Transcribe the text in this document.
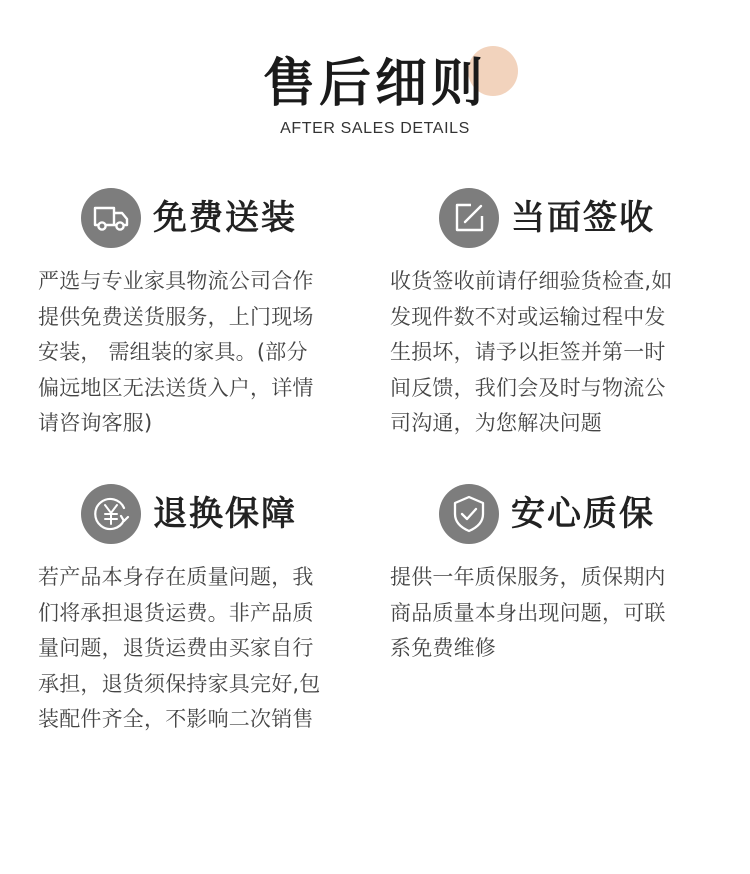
售后细则
AFTER SALES DETAILS
免费送装
严选与专业家具物流公司合作
提供免费送货服务，上门现场
安装， 需组装的家具。(部分
偏远地区无法送货入户，详情
请咨询客服)
当面签收
收货签收前请仔细验货检查,如
发现件数不对或运输过程中发
生损坏，请予以拒签并第一时
间反馈，我们会及时与物流公
司沟通，为您解决问题
退换保障
若产品本身存在质量问题，我
们将承担退货运费。非产品质
量问题，退货运费由买家自行
承担，退货须保持家具完好,包
装配件齐全，不影响二次销售
安心质保
提供一年质保服务，质保期内
商品质量本身出现问题，可联
系免费维修
